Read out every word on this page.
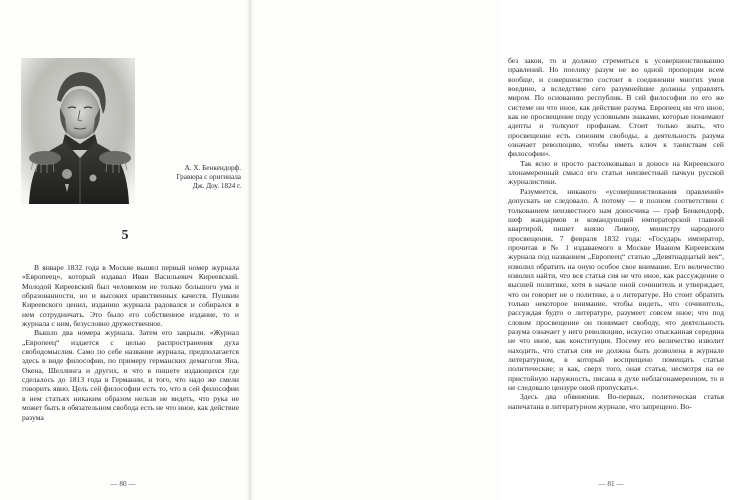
А. Х. Бенкендорф.
Гравюра с оригинала
Дж. Доу. 1824 г.
5

В январе 1832 года в Москве вышел первый номер журнала «Европеец», который издавал Иван Васильевич Киреевский. Молодой Киреевский был человеком не только большого ума и образованности, но и высоких нравственных качеств. Пушкин Киреевского ценил, изданию журнала радовался и собирался в нем сотрудничать. Это было его собственное издание, то и журнала с ним, безусловно дружественное.

Вышло два номера журнала. Затем его закрыли. «Журнал „Европеец“ издается с целью распространения духа свободомыслия. Само по себе название журнала, предполагается здесь в виде философии, по примеру германских демагогов Яна, Окена, Шеллинга и других, и что в пишете издающихся где сделалось до 1813 года в Германии, и того, что надо же смели говорить явно. Цель сей философии есть то, что в сей философии в нем статьях никаким образом нельзя не видеть, что рука не может быть в обязательном свобода есть не что иное, как действие разума

— 80 —

без закон, то и должно стремиться к усовершенствованию правлений. Но поелику разум не во одной пропорции всем вообще, и совершенство состоит в соединении многих умов воедино, а вследствие сего разумнейшие должны управлять миром. По основанию республик. В сей философии по его же системе ни что иное, как действие разума. Европеец ни что иное, как не просвещение поду условными знаками, которые понимают адепты и толкуют профанам. Стоит только знать, что просвещение есть синоним свободы, а деятельность разума означает революцию, чтобы иметь ключ к таинствам сей философии».

Так ясно и просто растолковывал в доносе на Киреевского злонамеренный смысл его статьи неизвестный пачкун русской журналистики.

Разумеется, никакого «усовершенствования правлений» допускать не следовало. А потому — в полном соответствии с толкованием неизвестного нам доносчика — граф Бенкендорф, шеф жандармов и командующий императорской главной квартирой, пишет князю Ливену, министру народного просвещения, 7 февраля 1832 года: «Государь император, прочитав в № 1 издаваемого в Москве Иваном Киреевским журнала под названием „Европеец“ статью „Девятнадцатый век“, изволил обратить на оную особое свое внимание. Его величество изволил найти, что вся статья сия не что иное, как рассуждение о высшей политике, хотя в начале оной сочинитель и утверждает, что он говорит не о политике, а о литературе. Но стоит обратить только некоторое внимание, чтобы видеть, что сочинитель, рассуждая будто о литературе, разумеет совсем иное; что под словом просвещение он понимает свободу, что деятельность разума означает у него революцию, искусно отысканная середина не что иное, как конституция. Посему его величество изволит находить, что статья сия не должна быть дозволена в журнале литературном, в который воспрещено помещать статьи политические; и как, сверх того, оная статья, несмотря на ее пристойную наружность, писана в духе неблагонамеренном, то и не следовало цензуре оной пропускать».

Здесь два обвинения. Во-первых, политическая статья напечатана в литературном журнале, что запрещено. Во-

— 81 —
